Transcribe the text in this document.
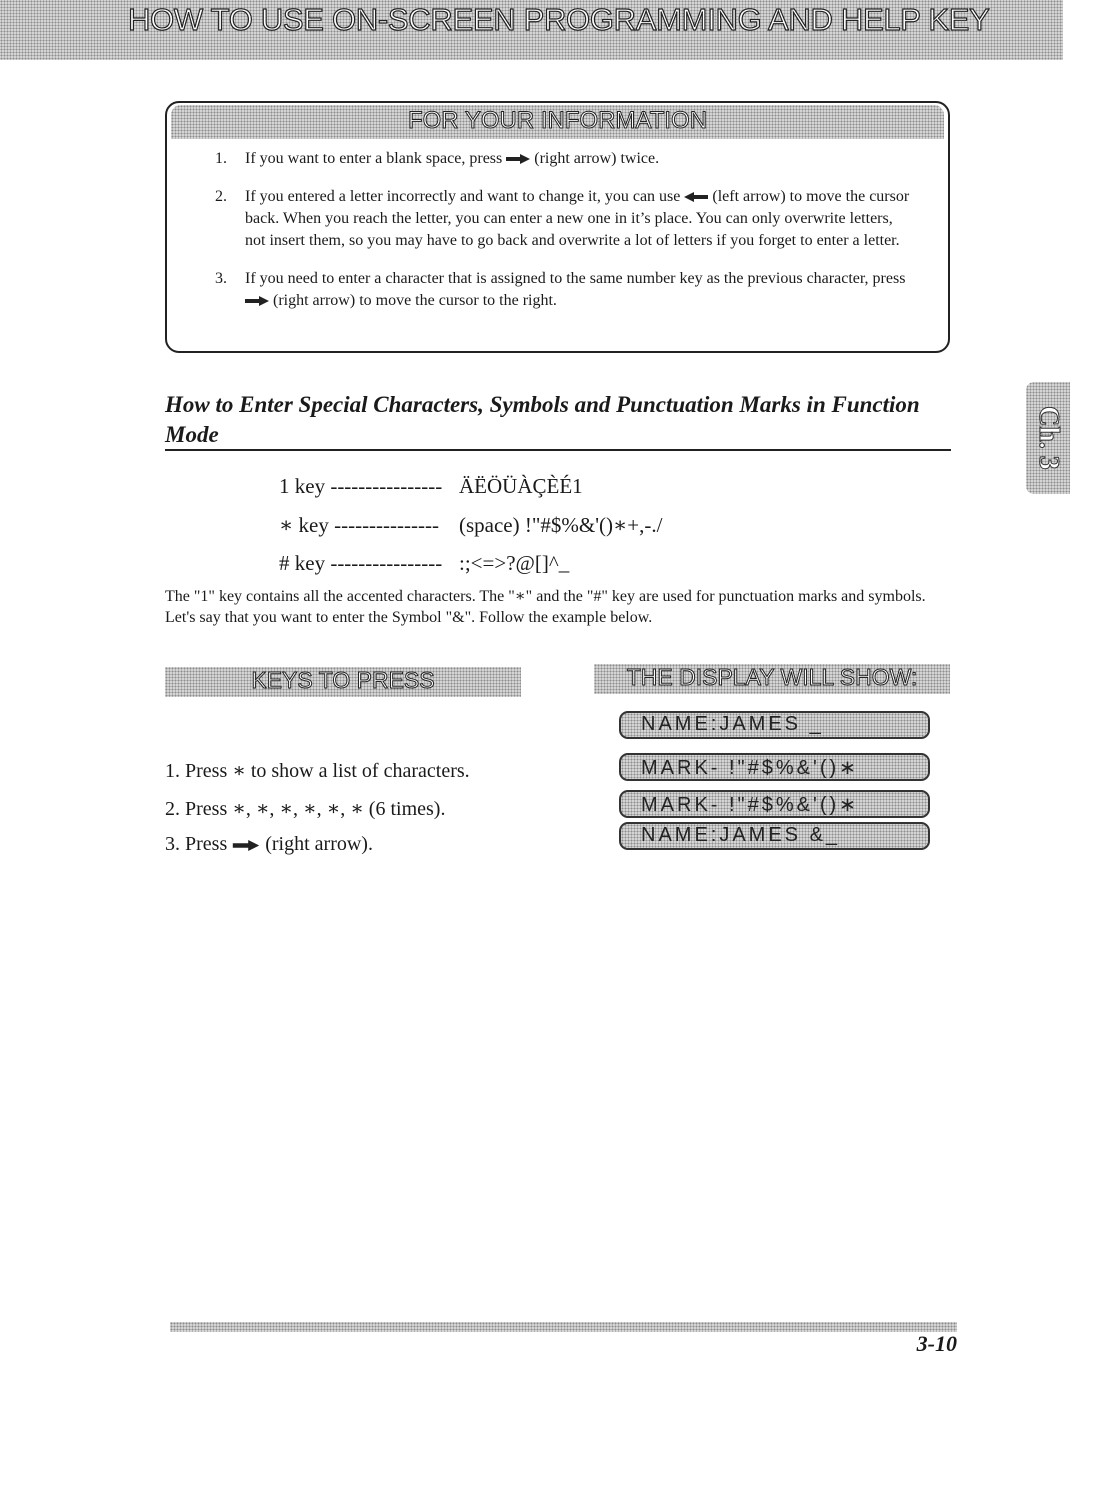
HOW TO USE ON-SCREEN PROGRAMMING AND HELP KEY
FOR YOUR INFORMATION
1.	If you want to enter a blank space, press (right arrow) twice.
2.	If you entered a letter incorrectly and want to change it, you can use (left arrow) to move the cursor back. When you reach the letter, you can enter a new one in it’s place. You can only overwrite letters, not insert them, so you may have to go back and overwrite a lot of letters if you forget to enter a letter.
3.	If you need to enter a character that is assigned to the same number key as the previous character, press  (right arrow) to move the cursor to the right.
How to Enter Special Characters, Symbols and Punctuation Marks in Function Mode
1 key ---------------- ÄËÖÜÀÇÈÉ1
∗ key --------------- (space) !"#$%&'()∗+,-./
# key ---------------- :;<=>?@[]^_
The "1" key contains all the accented characters. The "∗" and the "#" key are used for punctuation marks and symbols. Let's say that you want to enter the Symbol "&". Follow the example below.
Ch. 3
KEYS TO PRESS	THE DISPLAY WILL SHOW:
1. Press ∗ to show a list of characters.
2. Press ∗, ∗, ∗, ∗, ∗, ∗ (6 times).
3. Press (right arrow).
NAME:JAMES _
MARK- !"#$%&'()∗
MARK- !"#$%&'()∗
NAME:JAMES &_
3-10
